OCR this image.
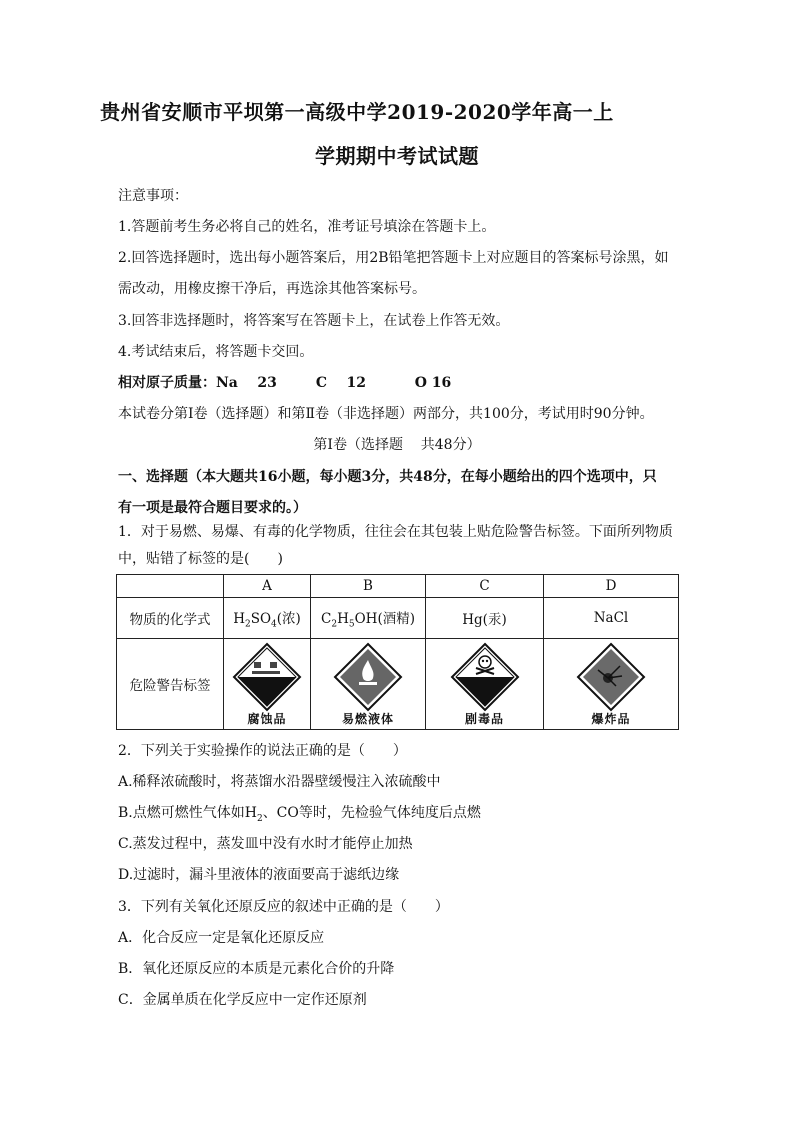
贵州省安顺市平坝第一高级中学2019-2020学年高一上
学期期中考试试题
注意事项：
1.答题前考生务必将自己的姓名，准考证号填涂在答题卡上。
2.回答选择题时，选出每小题答案后，用2B铅笔把答题卡上对应题目的答案标号涂黑，如
需改动，用橡皮擦干净后，再选涂其他答案标号。
3.回答非选择题时，将答案写在答题卡上，在试卷上作答无效。
4.考试结束后，将答题卡交回。
相对原子质量：Na    23        C    12          O 16
本试卷分第Ⅰ卷（选择题）和第Ⅱ卷（非选择题）两部分，共100分，考试用时90分钟。
第Ⅰ卷（选择题    共48分）
一、选择题（本大题共16小题，每小题3分，共48分，在每小题给出的四个选项中，只
有一项是最符合题目要求的。）
1．对于易燃、易爆、有毒的化学物质，往往会在其包装上贴危险警告标签。下面所列物质
中，贴错了标签的是(　　)
	A	B	C	D
物质的化学式	$H_2SO_4$(浓)	$C_2H_5OH$(酒精)	Hg(汞)	NaCl
危险警告标签	腐蚀品	易燃液体	剧毒品	爆炸品
2．下列关于实验操作的说法正确的是（　　）
A.稀释浓硫酸时，将蒸馏水沿器壁缓慢注入浓硫酸中
B.点燃可燃性气体如$H_2$、CO等时，先检验气体纯度后点燃
C.蒸发过程中，蒸发皿中没有水时才能停止加热
D.过滤时，漏斗里液体的液面要高于滤纸边缘
3．下列有关氧化还原反应的叙述中正确的是（　　）
A．化合反应一定是氧化还原反应
B．氧化还原反应的本质是元素化合价的升降
C．金属单质在化学反应中一定作还原剂
